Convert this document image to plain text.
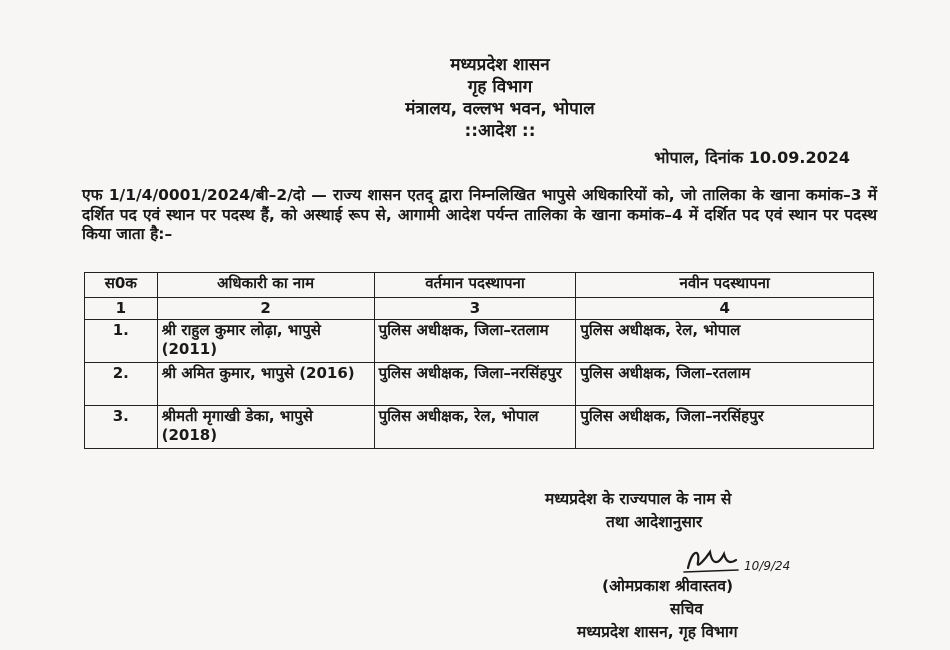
मध्यप्रदेश शासन
गृह विभाग
मंत्रालय, वल्लभ भवन, भोपाल
::आदेश ::
भोपाल, दिनांक 10.09.2024
एफ 1/1/4/0001/2024/बी–2/दो — राज्य शासन एतद् द्वारा निम्नलिखित भापुसे अधिकारियों को, जो तालिका के खाना कमांक–3 में दर्शित पद एवं स्थान पर पदस्थ हैं, को अस्थाई रूप से, आगामी आदेश पर्यन्त तालिका के खाना कमांक–4 में दर्शित पद एवं स्थान पर पदस्थ किया जाता है:–
स0क	अधिकारी का नाम	वर्तमान पदस्थापना	नवीन पदस्थापना
1	2	3	4
1.	श्री राहुल कुमार लोढ़ा, भापुसे (2011)	पुलिस अधीक्षक, जिला–रतलाम	पुलिस अधीक्षक, रेल, भोपाल
2.	श्री अमित कुमार, भापुसे (2016)	पुलिस अधीक्षक, जिला–नरसिंहपुर	पुलिस अधीक्षक, जिला–रतलाम
3.	श्रीमती मृगाखी डेका, भापुसे (2018)	पुलिस अधीक्षक, रेल, भोपाल	पुलिस अधीक्षक, जिला–नरसिंहपुर
मध्यप्रदेश के राज्यपाल के नाम से
तथा आदेशानुसार
10/9/24
(ओमप्रकाश श्रीवास्तव)
सचिव
मध्यप्रदेश शासन, गृह विभाग
